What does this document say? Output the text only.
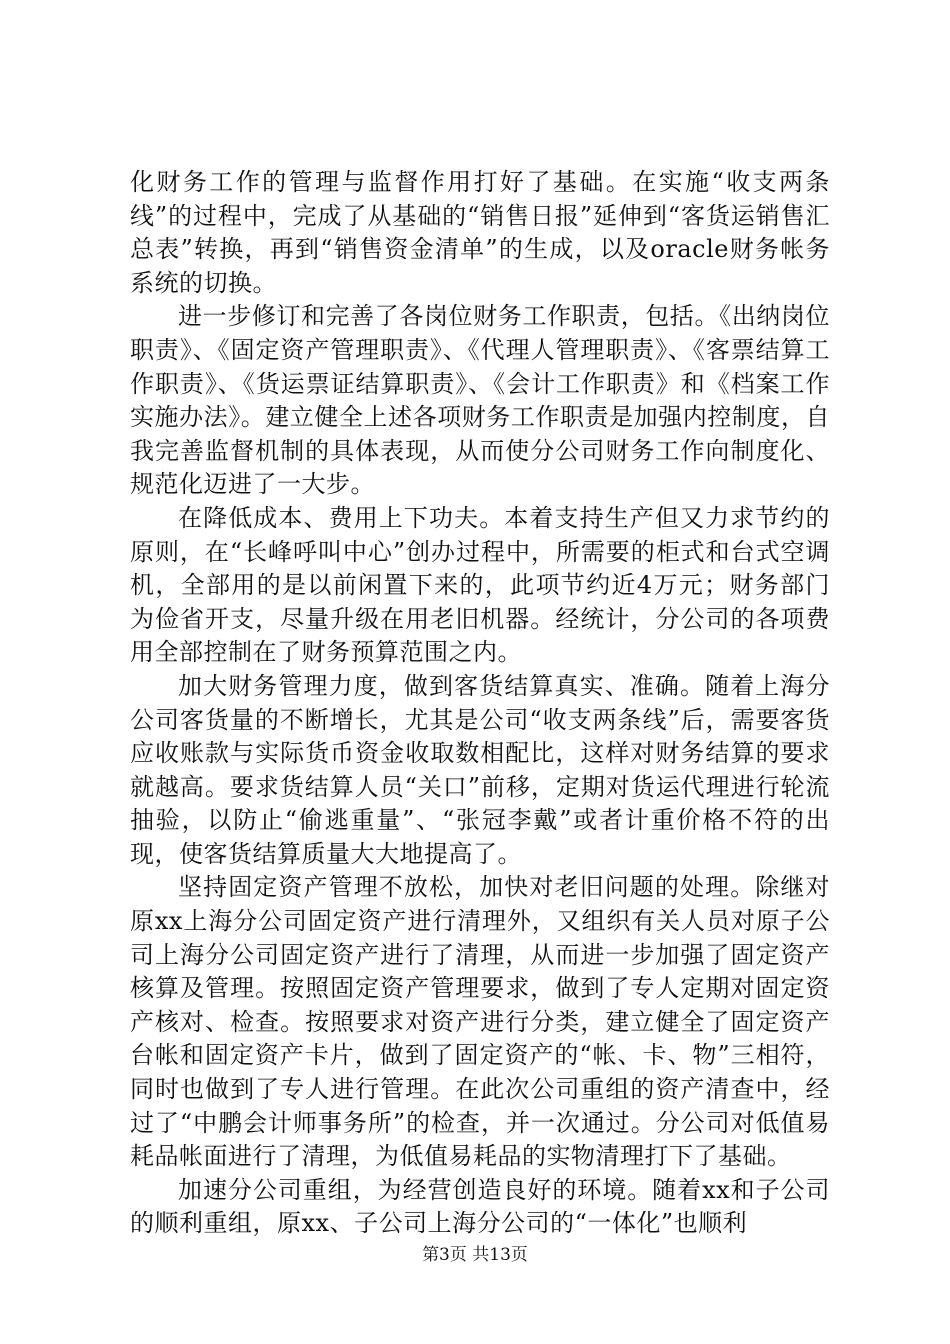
化财务工作的管理与监督作用打好了基础。在实施“收支两条线”的过程中，完成了从基础的“销售日报”延伸到“客货运销售汇总表”转换，再到“销售资金清单”的生成，以及oracle财务帐务系统的切换。

进一步修订和完善了各岗位财务工作职责，包括。《出纳岗位职责》、《固定资产管理职责》、《代理人管理职责》、《客票结算工作职责》、《货运票证结算职责》、《会计工作职责》和《档案工作实施办法》。建立健全上述各项财务工作职责是加强内控制度，自我完善监督机制的具体表现，从而使分公司财务工作向制度化、规范化迈进了一大步。

在降低成本、费用上下功夫。本着支持生产但又力求节约的原则，在“长峰呼叫中心”创办过程中，所需要的柜式和台式空调机，全部用的是以前闲置下来的，此项节约近4万元；财务部门为俭省开支，尽量升级在用老旧机器。经统计，分公司的各项费用全部控制在了财务预算范围之内。

加大财务管理力度，做到客货结算真实、准确。随着上海分公司客货量的不断增长，尤其是公司“收支两条线”后，需要客货应收账款与实际货币资金收取数相配比，这样对财务结算的要求就越高。要求货结算人员“关口”前移，定期对货运代理进行轮流抽验，以防止“偷逃重量”、“张冠李戴”或者计重价格不符的出现，使客货结算质量大大地提高了。

坚持固定资产管理不放松，加快对老旧问题的处理。除继对原xx上海分公司固定资产进行清理外，又组织有关人员对原子公司上海分公司固定资产进行了清理，从而进一步加强了固定资产核算及管理。按照固定资产管理要求，做到了专人定期对固定资产核对、检查。按照要求对资产进行分类，建立健全了固定资产台帐和固定资产卡片，做到了固定资产的“帐、卡、物”三相符，同时也做到了专人进行管理。在此次公司重组的资产清查中，经过了“中鹏会计师事务所”的检查，并一次通过。分公司对低值易耗品帐面进行了清理，为低值易耗品的实物清理打下了基础。

加速分公司重组，为经营创造良好的环境。随着xx和子公司的顺利重组，原xx、子公司上海分公司的“一体化”也顺利

第3页 共13页
